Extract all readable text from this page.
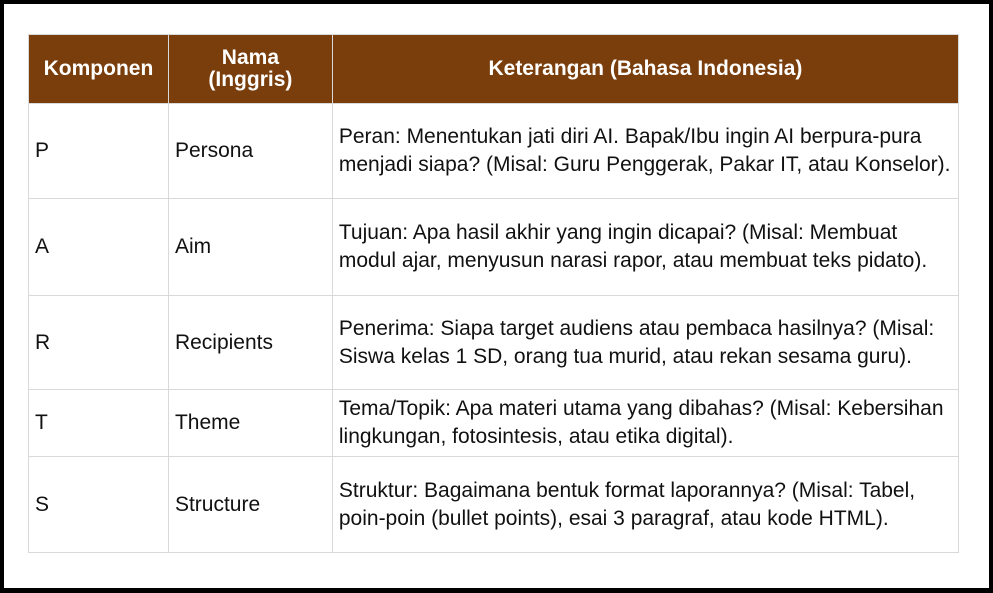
Komponen	Nama (Inggris)	Keterangan (Bahasa Indonesia)
P	Persona	Peran: Menentukan jati diri AI. Bapak/Ibu ingin AI berpura-pura menjadi siapa? (Misal: Guru Penggerak, Pakar IT, atau Konselor).
A	Aim	Tujuan: Apa hasil akhir yang ingin dicapai? (Misal: Membuat modul ajar, menyusun narasi rapor, atau membuat teks pidato).
R	Recipients	Penerima: Siapa target audiens atau pembaca hasilnya? (Misal: Siswa kelas 1 SD, orang tua murid, atau rekan sesama guru).
T	Theme	Tema/Topik: Apa materi utama yang dibahas? (Misal: Kebersihan lingkungan, fotosintesis, atau etika digital).
S	Structure	Struktur: Bagaimana bentuk format laporannya? (Misal: Tabel, poin-poin (bullet points), esai 3 paragraf, atau kode HTML).
